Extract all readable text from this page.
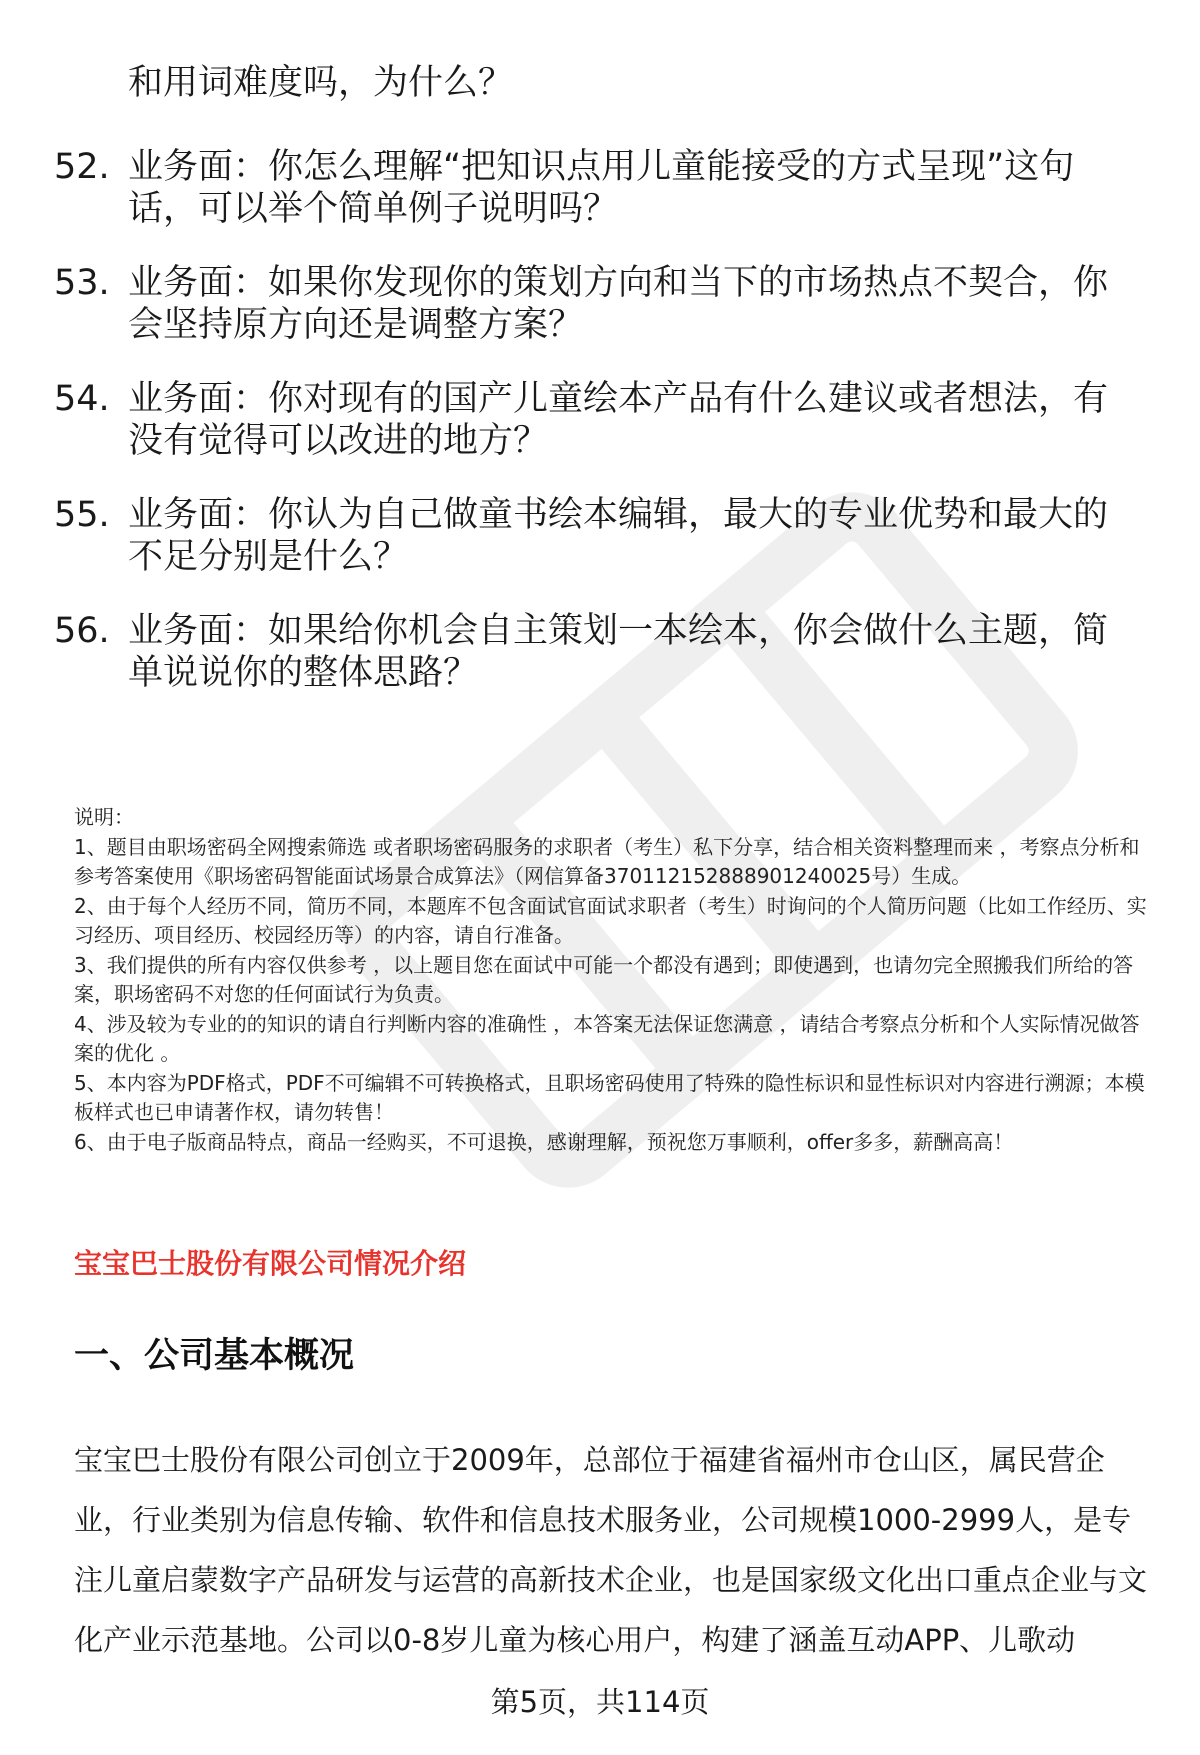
和用词难度吗，为什么？
52. 业务面：你怎么理解“把知识点用儿童能接受的方式呈现”这句话，可以举个简单例子说明吗？
53. 业务面：如果你发现你的策划方向和当下的市场热点不契合，你会坚持原方向还是调整方案？
54. 业务面：你对现有的国产儿童绘本产品有什么建议或者想法，有没有觉得可以改进的地方？
55. 业务面：你认为自己做童书绘本编辑，最大的专业优势和最大的不足分别是什么？
56. 业务面：如果给你机会自主策划一本绘本，你会做什么主题，简单说说你的整体思路？

说明：

1、题目由职场密码全网搜索筛选 或者职场密码服务的求职者（考生）私下分享，结合相关资料整理而来 ，考察点分析和参考答案使用《职场密码智能面试场景合成算法》（网信算备370112152888901240025号）生成。

2、由于每个人经历不同，简历不同，本题库不包含面试官面试求职者（考生）时询问的个人简历问题（比如工作经历、实习经历、项目经历、校园经历等）的内容，请自行准备。

3、我们提供的所有内容仅供参考 ，以上题目您在面试中可能一个都没有遇到；即使遇到，也请勿完全照搬我们所给的答案，职场密码不对您的任何面试行为负责。

4、涉及较为专业的的知识的请自行判断内容的准确性 ，本答案无法保证您满意 ，请结合考察点分析和个人实际情况做答案的优化 。

5、本内容为PDF格式，PDF不可编辑不可转换格式，且职场密码使用了特殊的隐性标识和显性标识对内容进行溯源；本模板样式也已申请著作权，请勿转售！

6、由于电子版商品特点，商品一经购买，不可退换，感谢理解，预祝您万事顺利，offer多多，薪酬高高！

宝宝巴士股份有限公司情况介绍
一、公司基本概况
宝宝巴士股份有限公司创立于2009年，总部位于福建省福州市仓山区，属民营企业，行业类别为信息传输、软件和信息技术服务业，公司规模1000-2999人，是专注儿童启蒙数字产品研发与运营的高新技术企业，也是国家级文化出口重点企业与文化产业示范基地。公司以0-8岁儿童为核心用户，构建了涵盖互动APP、儿歌动
第5页，共114页
